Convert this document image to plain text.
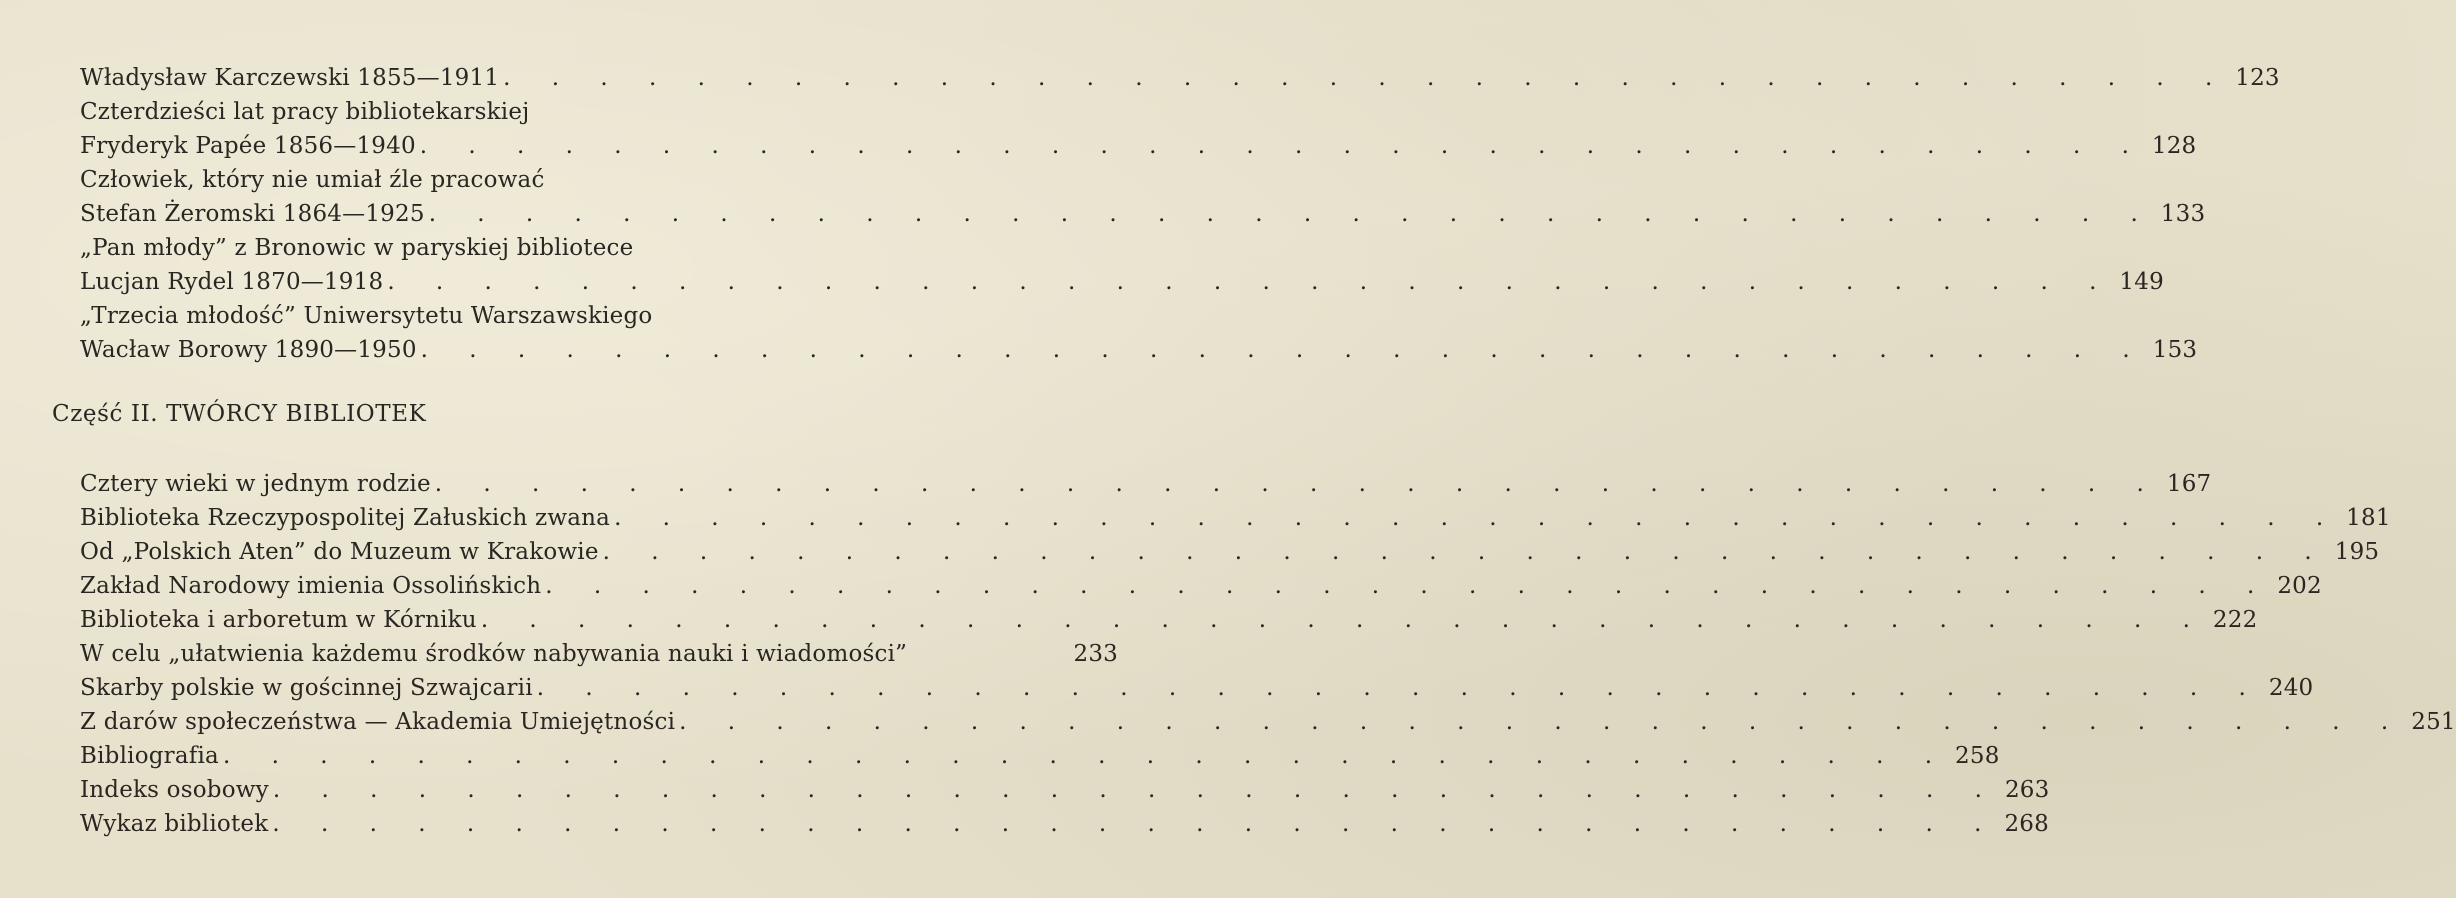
Władysław Karczewski 1855—1911 . . . . . . . . . . . . . . . . . . . . . . . . . . . . . . . . . . . . 123
Czterdzieści lat pracy bibliotekarskiej
Fryderyk Papée 1856—1940 . . . . . . . . . . . . . . . . . . . . . . . . . . . . . . . . . . . . 128
Człowiek, który nie umiał źle pracować
Stefan Żeromski 1864—1925 . . . . . . . . . . . . . . . . . . . . . . . . . . . . . . . . . . . . 133
„Pan młody” z Bronowic w paryskiej bibliotece
Lucjan Rydel 1870—1918 . . . . . . . . . . . . . . . . . . . . . . . . . . . . . . . . . . . . 149
„Trzecia młodość” Uniwersytetu Warszawskiego
Wacław Borowy 1890—1950 . . . . . . . . . . . . . . . . . . . . . . . . . . . . . . . . . . . . 153
Część II. TWÓRCY BIBLIOTEK
Cztery wieki w jednym rodzie . . . . . . . . . . . . . . . . . . . . . . . . . . . . . . . . . . . . 167
Biblioteka Rzeczypospolitej Załuskich zwana . . . . . . . . . . . . . . . . . . . . . . . . . . . . . . . . . . . . 181
Od „Polskich Aten” do Muzeum w Krakowie . . . . . . . . . . . . . . . . . . . . . . . . . . . . . . . . . . . . 195
Zakład Narodowy imienia Ossolińskich . . . . . . . . . . . . . . . . . . . . . . . . . . . . . . . . . . . . 202
Biblioteka i arboretum w Kórniku . . . . . . . . . . . . . . . . . . . . . . . . . . . . . . . . . . . . 222
W celu „ułatwienia każdemu środków nabywania nauki i wiadomości”	233
Skarby polskie w gościnnej Szwajcarii . . . . . . . . . . . . . . . . . . . . . . . . . . . . . . . . . . . . 240
Z darów społeczeństwa — Akademia Umiejętności . . . . . . . . . . . . . . . . . . . . . . . . . . . . . . . . . . . . 251
Bibliografia . . . . . . . . . . . . . . . . . . . . . . . . . . . . . . . . . . . . 258
Indeks osobowy . . . . . . . . . . . . . . . . . . . . . . . . . . . . . . . . . . . . 263
Wykaz bibliotek . . . . . . . . . . . . . . . . . . . . . . . . . . . . . . . . . . . . 268
